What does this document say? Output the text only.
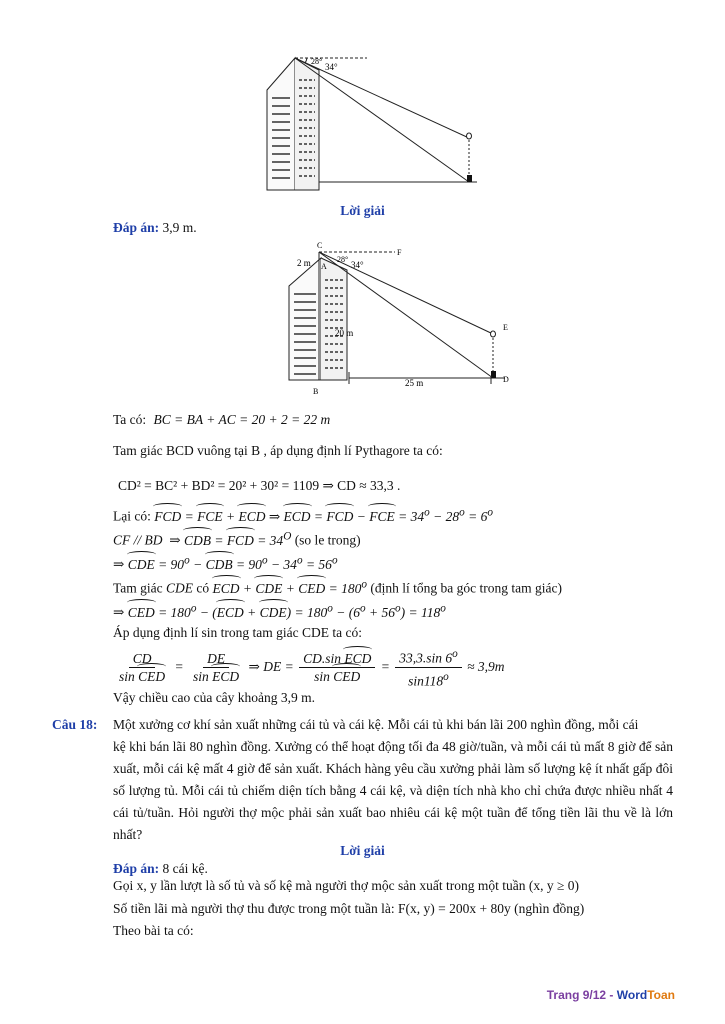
28°
34°
Lời giải
Đáp án: 3,9 m.
C
F
A
E
B
D
2 m
20 m
25 m
28°
34°
Ta có: BC = BA + AC = 20 + 2 = 22 m
Tam giác BCD vuông tại B , áp dụng định lí Pythagore ta có:
CD² = BC² + BD² = 20² + 30² = 1109 ⇒ CD ≈ 33,3 .
Lại có: FCD = FCE + ECD ⇒ ECD = FCD − FCE = $34^o - 28^o = 6^o$
CF // BD  ⇒ CDB = FCD = $34^O$ (so le trong)
⇒ CDE = $90^o$ − CDB = $90^o - 34^o = 56^o$
Tam giác CDE có ECD + CDE + CED = $180^o$ (định lí tổng ba góc trong tam giác)
⇒ CED = $180^o - (ECD + CDE) = 180^o - (6^o + 56^o) = 118^o$
Áp dụng định lí sin trong tam giác CDE ta có:
$\frac{CD}{\text{sin CED}} = \frac{DE}{\text{sin ECD}}$ ⇒ DE = $\frac{\text{CD.sin ECD}}{\text{sin CED}} = \frac{33,3.\sin 6^o}{\sin 118^o} \approx 3,9m$
Vậy chiều cao của cây khoảng 3,9 m.
Câu 18: Một xưởng cơ khí sản xuất những cái tủ và cái kệ. Mỗi cái tủ khi bán lãi 200 nghìn đồng, mỗi cái
kệ khi bán lãi 80 nghìn đồng. Xưởng có thể hoạt động tối đa 48 giờ/tuần, và mỗi cái tủ mất 8 giờ để sản xuất, mỗi cái kệ mất 4 giờ để sản xuất. Khách hàng yêu cầu xưởng phải làm số lượng kệ ít nhất gấp đôi số lượng tủ. Mỗi cái tủ chiếm diện tích bằng 4 cái kệ, và diện tích nhà kho chỉ chứa được nhiều nhất 4 cái tủ/tuần. Hỏi người thợ mộc phải sản xuất bao nhiêu cái kệ một tuần để tổng tiền lãi thu về là lớn nhất?
Lời giải
Đáp án: 8 cái kệ.
Gọi x, y lần lượt là số tủ và số kệ mà người thợ mộc sản xuất trong một tuần (x, y ≥ 0)
Số tiền lãi mà người thợ thu được trong một tuần là: F(x, y) = 200x + 80y (nghìn đồng)
Theo bài ta có:
Trang 9/12 - WordToan
